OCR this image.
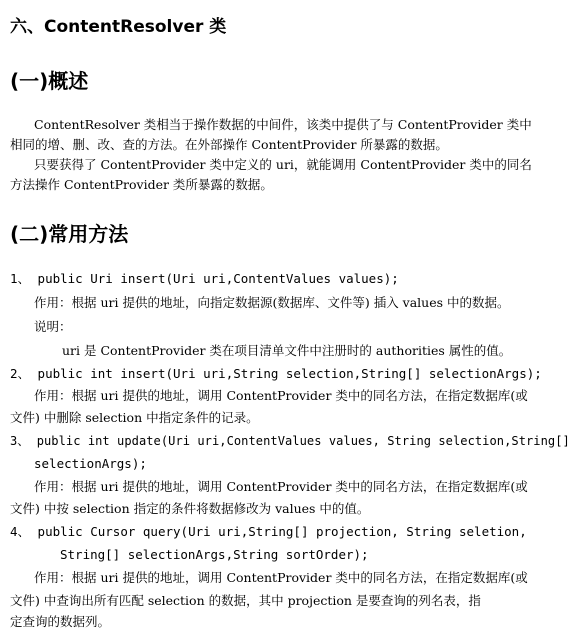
六、ContentResolver 类
(一)概述
ContentResolver 类相当于操作数据的中间件，该类中提供了与 ContentProvider 类中
相同的增、删、改、查的方法。在外部操作 ContentProvider 所暴露的数据。
只要获得了 ContentProvider 类中定义的 uri，就能调用 ContentProvider 类中的同名
方法操作 ContentProvider 类所暴露的数据。
(二)常用方法
1、 public Uri insert(Uri uri,ContentValues values);
作用：根据 uri 提供的地址，向指定数据源(数据库、文件等) 插入 values 中的数据。
说明：
uri 是 ContentProvider 类在项目清单文件中注册时的 authorities 属性的值。
2、 public int insert(Uri uri,String selection,String[] selectionArgs);
作用：根据 uri 提供的地址，调用 ContentProvider 类中的同名方法，在指定数据库(或
文件) 中删除 selection 中指定条件的记录。
3、 public int update(Uri uri,ContentValues values, String selection,String[]
selectionArgs);
作用：根据 uri 提供的地址，调用 ContentProvider 类中的同名方法，在指定数据库(或
文件) 中按 selection 指定的条件将数据修改为 values 中的值。
4、 public Cursor query(Uri uri,String[] projection, String seletion,
String[] selectionArgs,String sortOrder);
作用：根据 uri 提供的地址，调用 ContentProvider 类中的同名方法，在指定数据库(或
文件) 中查询出所有匹配 selection 的数据，其中 projection 是要查询的列名表，指
定查询的数据列。
